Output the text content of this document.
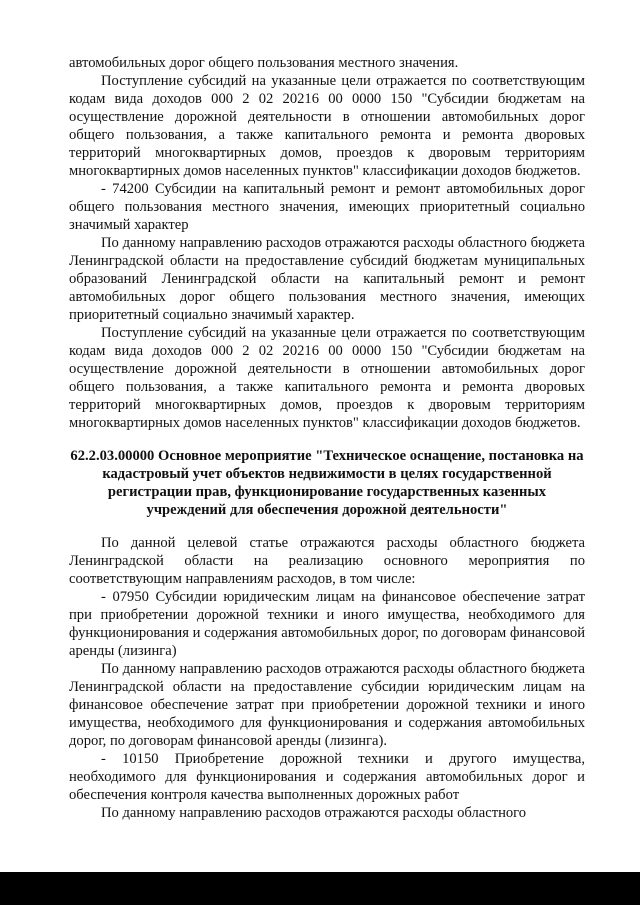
автомобильных дорог общего пользования местного значения.

Поступление субсидий на указанные цели отражается по соответствующим кодам вида доходов 000 2 02 20216 00 0000 150 "Субсидии бюджетам на осуществление дорожной деятельности в отношении автомобильных дорог общего пользования, а также капитального ремонта и ремонта дворовых территорий многоквартирных домов, проездов к дворовым территориям многоквартирных домов населенных пунктов" классификации доходов бюджетов.

- 74200 Субсидии на капитальный ремонт и ремонт автомобильных дорог общего пользования местного значения, имеющих приоритетный социально значимый характер

По данному направлению расходов отражаются расходы областного бюджета Ленинградской области на предоставление субсидий бюджетам муниципальных образований Ленинградской области на капитальный ремонт и ремонт автомобильных дорог общего пользования местного значения, имеющих приоритетный социально значимый характер.

Поступление субсидий на указанные цели отражается по соответствующим кодам вида доходов 000 2 02 20216 00 0000 150 "Субсидии бюджетам на осуществление дорожной деятельности в отношении автомобильных дорог общего пользования, а также капитального ремонта и ремонта дворовых территорий многоквартирных домов, проездов к дворовым территориям многоквартирных домов населенных пунктов" классификации доходов бюджетов.

62.2.03.00000 Основное мероприятие "Техническое оснащение, постановка на кадастровый учет объектов недвижимости в целях государственной регистрации прав, функционирование государственных казенных учреждений для обеспечения дорожной деятельности"

По данной целевой статье отражаются расходы областного бюджета Ленинградской области на реализацию основного мероприятия по соответствующим направлениям расходов, в том числе:

- 07950 Субсидии юридическим лицам на финансовое обеспечение затрат при приобретении дорожной техники и иного имущества, необходимого для функционирования и содержания автомобильных дорог, по договорам финансовой аренды (лизинга)

По данному направлению расходов отражаются расходы областного бюджета Ленинградской области на предоставление субсидии юридическим лицам на финансовое обеспечение затрат при приобретении дорожной техники и иного имущества, необходимого для функционирования и содержания автомобильных дорог, по договорам финансовой аренды (лизинга).

- 10150 Приобретение дорожной техники и другого имущества, необходимого для функционирования и содержания автомобильных дорог и обеспечения контроля качества выполненных дорожных работ

По данному направлению расходов отражаются расходы областного
